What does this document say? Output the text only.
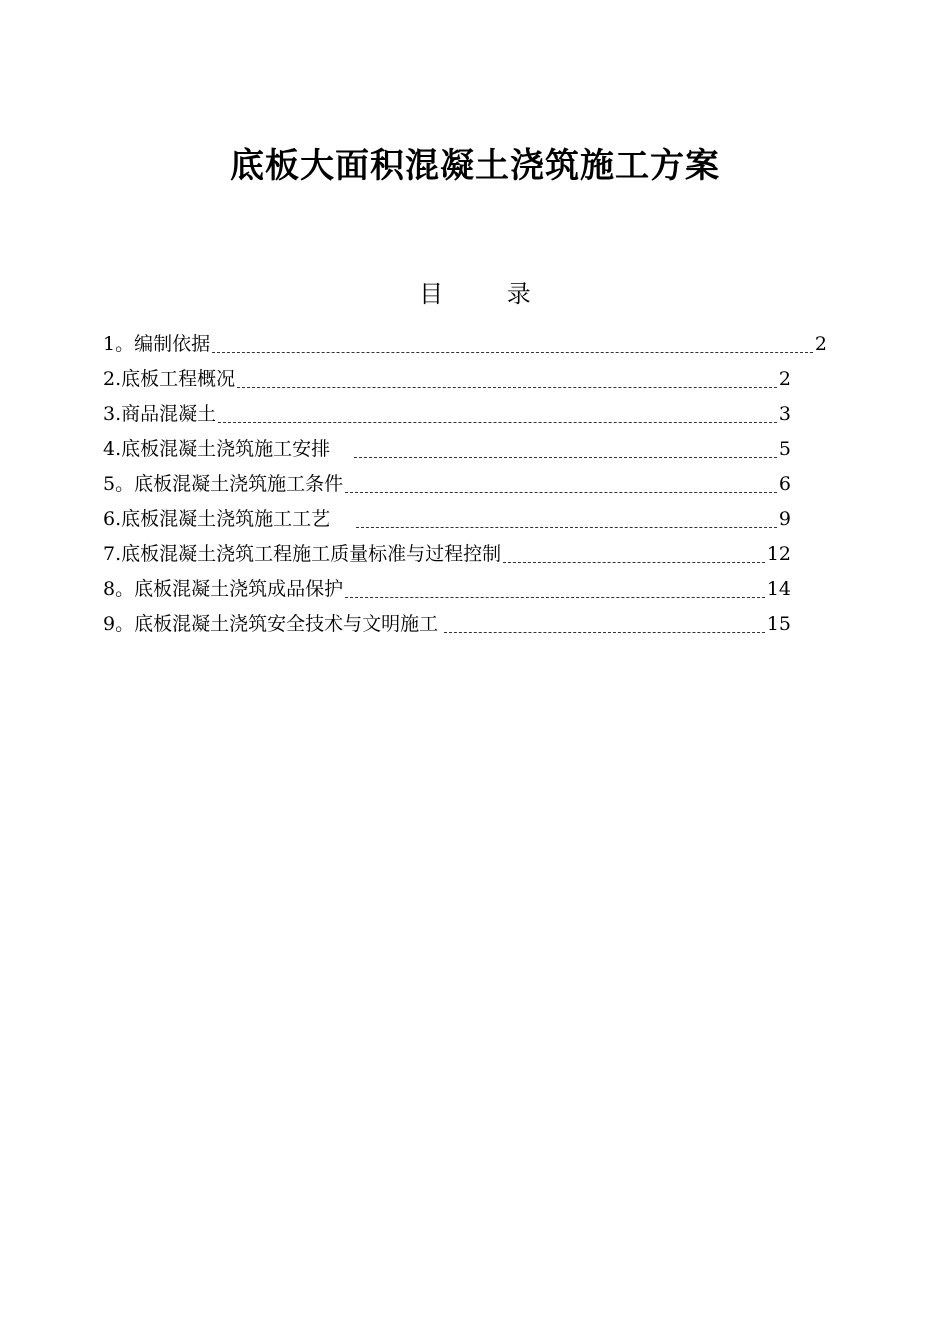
底板大面积混凝土浇筑施工方案
目 录
1。编制依据	2
2.底板工程概况	2
3.商品混凝土	3
4.底板混凝土浇筑施工安排	5
5。底板混凝土浇筑施工条件	6
6.底板混凝土浇筑施工工艺	9
7.底板混凝土浇筑工程施工质量标准与过程控制	12
8。底板混凝土浇筑成品保护	14
9。底板混凝土浇筑安全技术与文明施工	15
